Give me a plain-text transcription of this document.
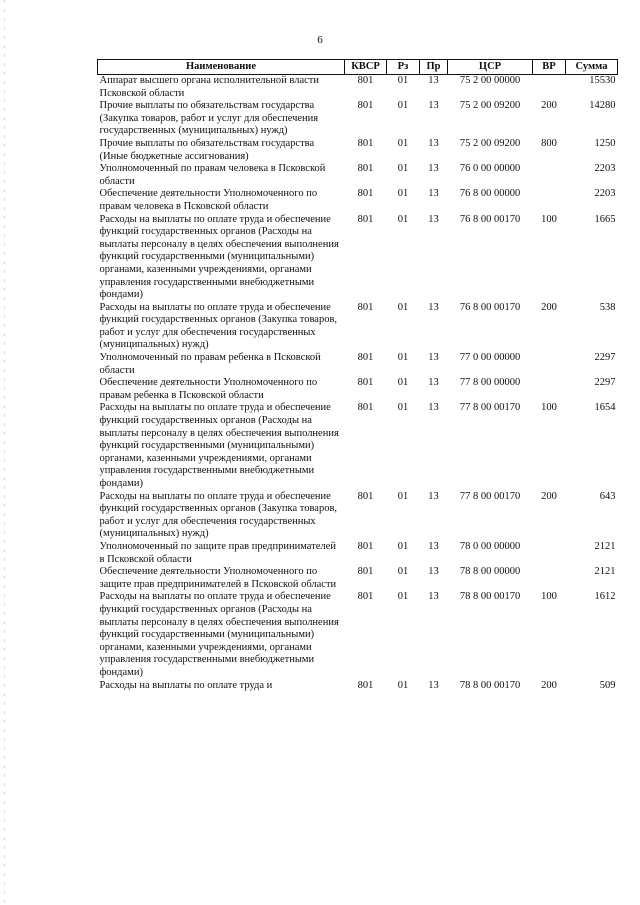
6
Наименование	КВСР	Рз	Пр	ЦСР	ВР	Сумма
Аппарат высшего органа исполнительной власти Псковской области	801	01	13	75 2 00 00000		15530
Прочие выплаты по обязательствам государства (Закупка товаров, работ и услуг для обеспечения государственных (муниципальных) нужд)	801	01	13	75 2 00 09200	200	14280
Прочие выплаты по обязательствам государства (Иные бюджетные ассигнования)	801	01	13	75 2 00 09200	800	1250
Уполномоченный по правам человека в Псковской области	801	01	13	76 0 00 00000		2203
Обеспечение деятельности Уполномоченного по правам человека в Псковской области	801	01	13	76 8 00 00000		2203
Расходы на выплаты по оплате труда и обеспечение функций государственных органов (Расходы на выплаты персоналу в целях обеспечения выполнения функций государственными (муниципальными) органами, казенными учреждениями, органами управления государственными внебюджетными фондами)	801	01	13	76 8 00 00170	100	1665
Расходы на выплаты по оплате труда и обеспечение функций государственных органов (Закупка товаров, работ и услуг для обеспечения государственных (муниципальных) нужд)	801	01	13	76 8 00 00170	200	538
Уполномоченный по правам ребенка в Псковской области	801	01	13	77 0 00 00000		2297
Обеспечение деятельности Уполномоченного по правам ребенка в Псковской области	801	01	13	77 8 00 00000		2297
Расходы на выплаты по оплате труда и обеспечение функций государственных органов (Расходы на выплаты персоналу в целях обеспечения выполнения функций государственными (муниципальными) органами, казенными учреждениями, органами управления государственными внебюджетными фондами)	801	01	13	77 8 00 00170	100	1654
Расходы на выплаты по оплате труда и обеспечение функций государственных органов (Закупка товаров, работ и услуг для обеспечения государственных (муниципальных) нужд)	801	01	13	77 8 00 00170	200	643
Уполномоченный по защите прав предпринимателей в Псковской области	801	01	13	78 0 00 00000		2121
Обеспечение деятельности Уполномоченного по защите прав предпринимателей в Псковской области	801	01	13	78 8 00 00000		2121
Расходы на выплаты по оплате труда и обеспечение функций государственных органов (Расходы на выплаты персоналу в целях обеспечения выполнения функций государственными (муниципальными) органами, казенными учреждениями, органами управления государственными внебюджетными фондами)	801	01	13	78 8 00 00170	100	1612
Расходы на выплаты по оплате труда и	801	01	13	78 8 00 00170	200	509
